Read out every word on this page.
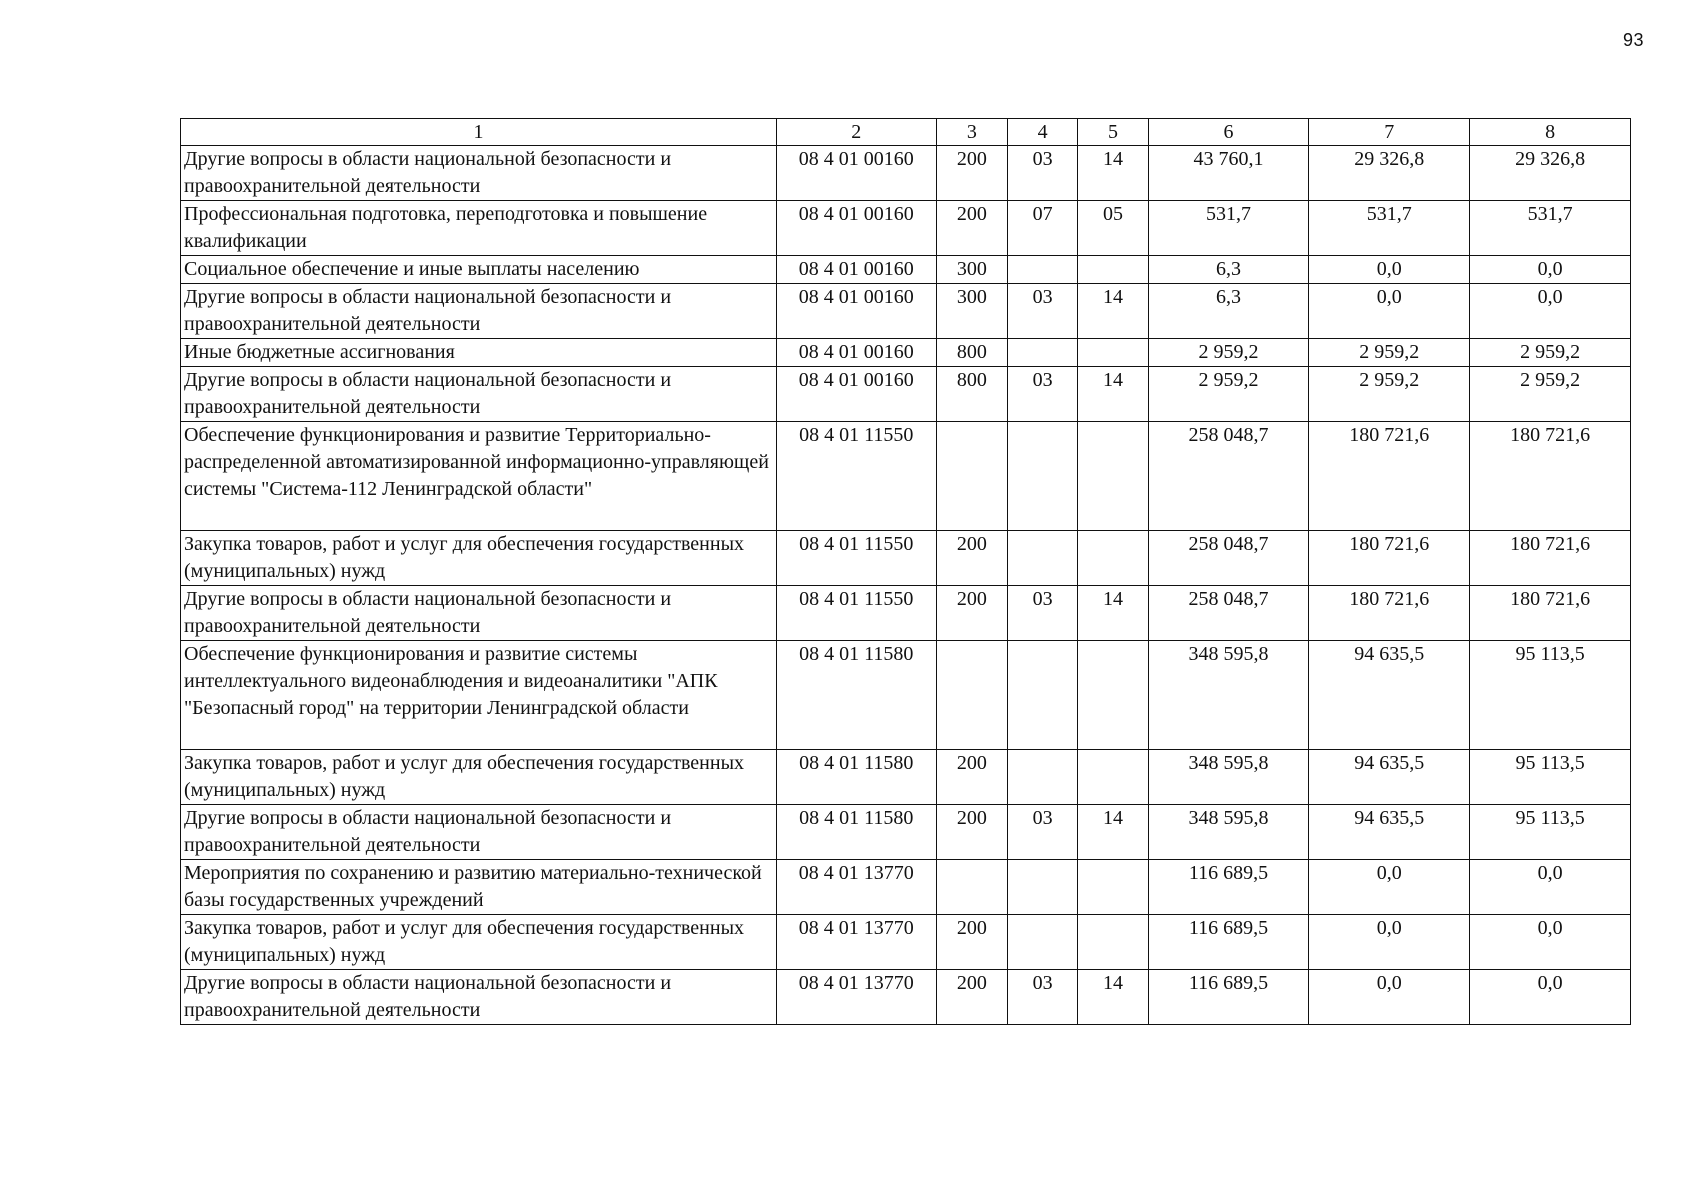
93
1	2	3	4	5	6	7	8
Другие вопросы в области национальной безопасности и правоохранительной деятельности	08 4 01 00160	200	03	14	43 760,1	29 326,8	29 326,8
Профессиональная подготовка, переподготовка и повышение квалификации	08 4 01 00160	200	07	05	531,7	531,7	531,7
Социальное обеспечение и иные выплаты населению	08 4 01 00160	300			6,3	0,0	0,0
Другие вопросы в области национальной безопасности и правоохранительной деятельности	08 4 01 00160	300	03	14	6,3	0,0	0,0
Иные бюджетные ассигнования	08 4 01 00160	800			2 959,2	2 959,2	2 959,2
Другие вопросы в области национальной безопасности и правоохранительной деятельности	08 4 01 00160	800	03	14	2 959,2	2 959,2	2 959,2
Обеспечение функционирования и развитие Территориально-распределенной автоматизированной информационно-управляющей системы "Система-112 Ленинградской области"	08 4 01 11550				258 048,7	180 721,6	180 721,6
Закупка товаров, работ и услуг для обеспечения государственных (муниципальных) нужд	08 4 01 11550	200			258 048,7	180 721,6	180 721,6
Другие вопросы в области национальной безопасности и правоохранительной деятельности	08 4 01 11550	200	03	14	258 048,7	180 721,6	180 721,6
Обеспечение функционирования и развитие системы интеллектуального видеонаблюдения и видеоаналитики "АПК "Безопасный город" на территории Ленинградской области	08 4 01 11580				348 595,8	94 635,5	95 113,5
Закупка товаров, работ и услуг для обеспечения государственных (муниципальных) нужд	08 4 01 11580	200			348 595,8	94 635,5	95 113,5
Другие вопросы в области национальной безопасности и правоохранительной деятельности	08 4 01 11580	200	03	14	348 595,8	94 635,5	95 113,5
Мероприятия по сохранению и развитию материально-технической базы государственных учреждений	08 4 01 13770				116 689,5	0,0	0,0
Закупка товаров, работ и услуг для обеспечения государственных (муниципальных) нужд	08 4 01 13770	200			116 689,5	0,0	0,0
Другие вопросы в области национальной безопасности и правоохранительной деятельности	08 4 01 13770	200	03	14	116 689,5	0,0	0,0
